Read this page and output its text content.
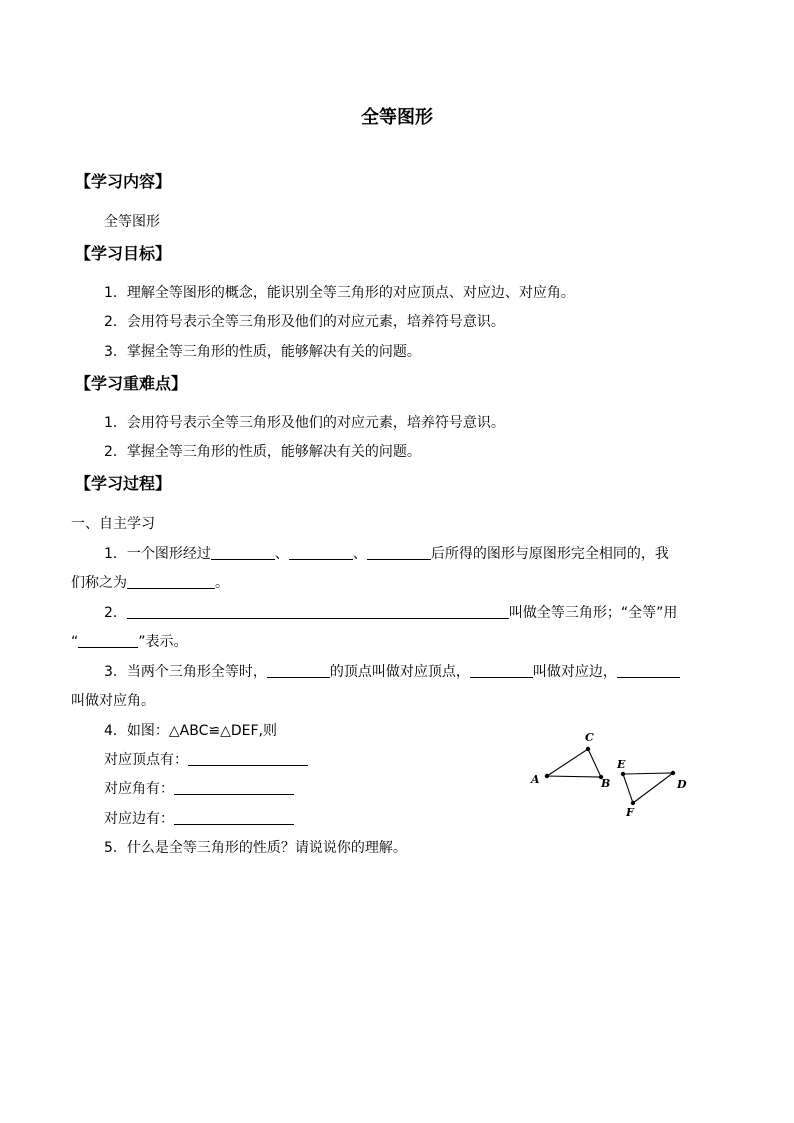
全等图形
【学习内容】
全等图形
【学习目标】
1．理解全等图形的概念，能识别全等三角形的对应顶点、对应边、对应角。
2．会用符号表示全等三角形及他们的对应元素，培养符号意识。
3．掌握全等三角形的性质，能够解决有关的问题。
【学习重难点】
1．会用符号表示全等三角形及他们的对应元素，培养符号意识。
2．掌握全等三角形的性质，能够解决有关的问题。
【学习过程】
一、自主学习
1．一个图形经过	、	、	后所得的图形与原图形完全相同的，我
们称之为	。
2．	叫做全等三角形；“全等”用
“	”表示。
3．当两个三角形全等时，	的顶点叫做对应顶点，	叫做对应边，
叫做对应角。
4．如图：△ABC≌△DEF,则
对应顶点有：
对应角有：
对应边有：
5．什么是全等三角形的性质？请说说你的理解。
A
C
B
E
D
F
